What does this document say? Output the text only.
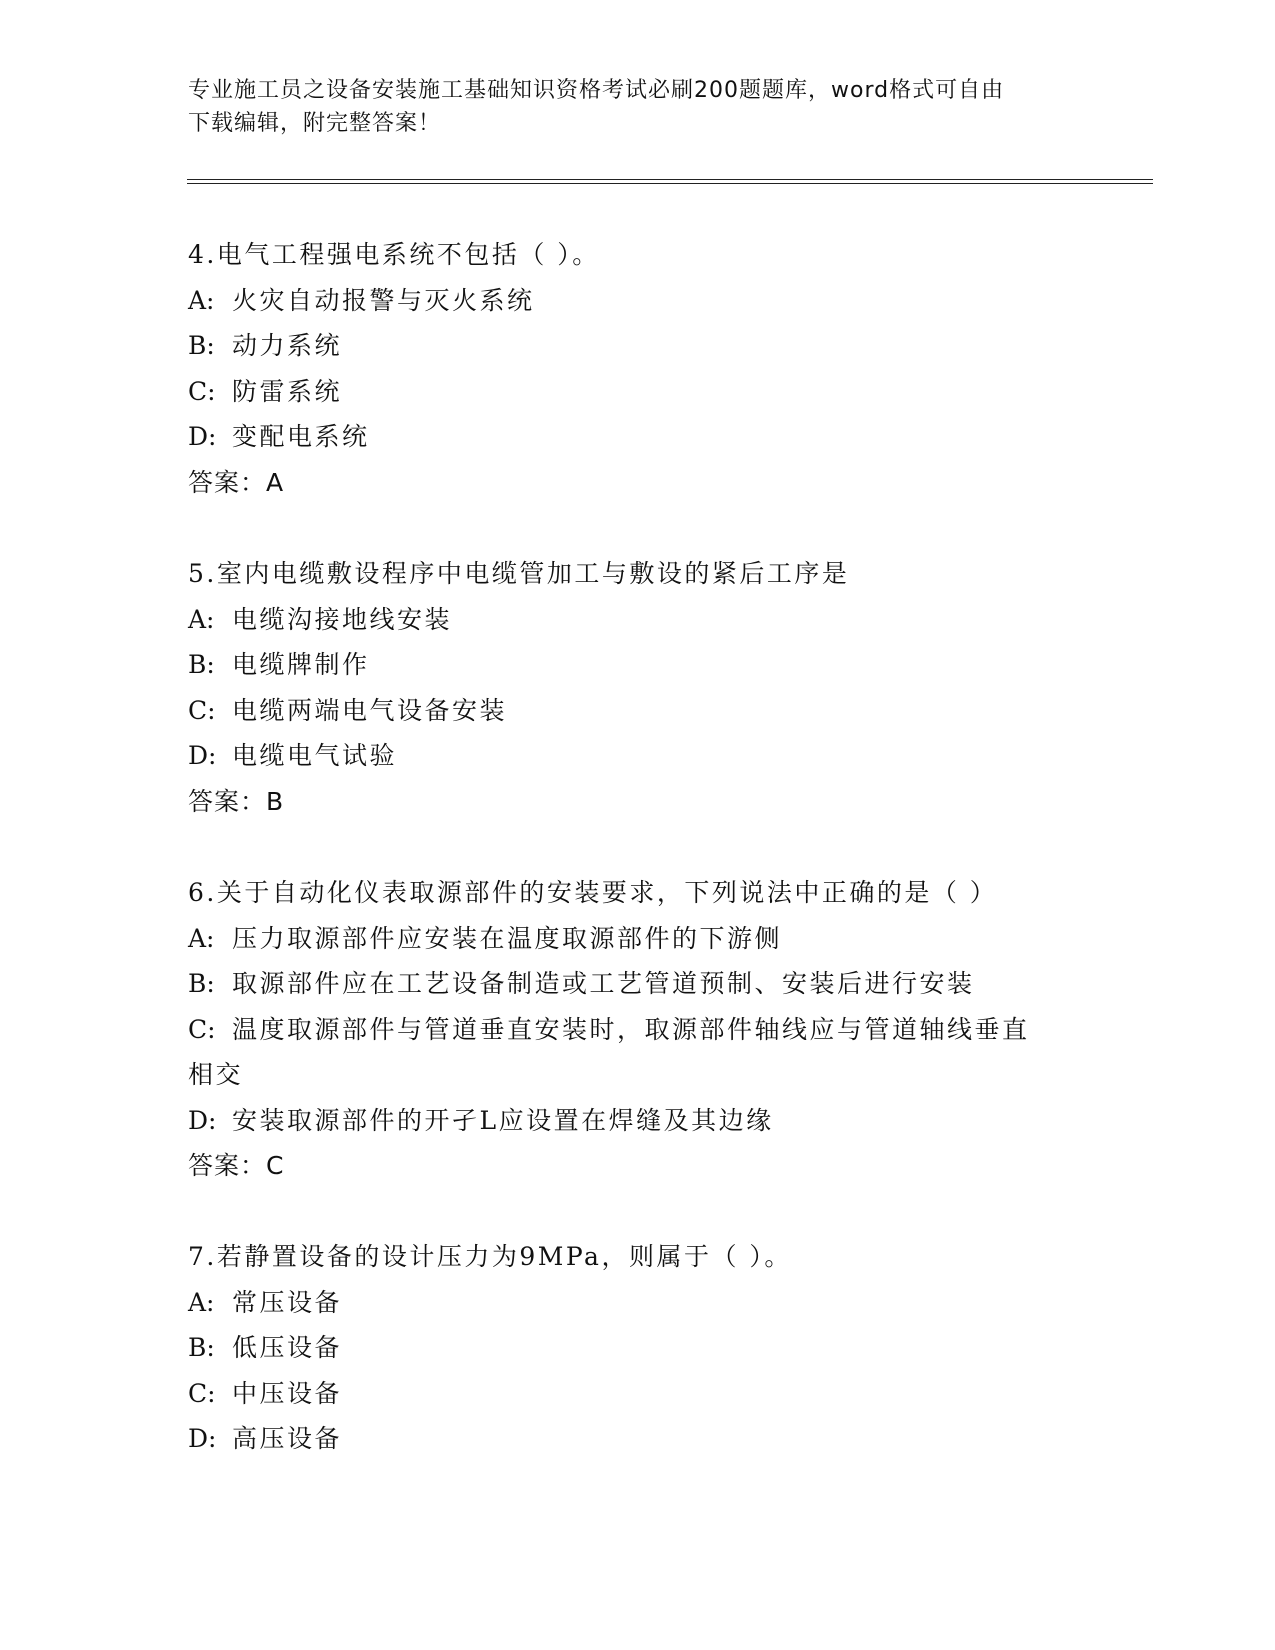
专业施工员之设备安装施工基础知识资格考试必刷200题题库，word格式可自由
下载编辑，附完整答案！
4.电气工程强电系统不包括（ ）。
A: 火灾自动报警与灭火系统
B: 动力系统
C: 防雷系统
D: 变配电系统
答案：A
5.室内电缆敷设程序中电缆管加工与敷设的紧后工序是
A: 电缆沟接地线安装
B: 电缆牌制作
C: 电缆两端电气设备安装
D: 电缆电气试验
答案：B
6.关于自动化仪表取源部件的安装要求，下列说法中正确的是（ ）
A: 压力取源部件应安装在温度取源部件的下游侧
B: 取源部件应在工艺设备制造或工艺管道预制、安装后进行安装
C: 温度取源部件与管道垂直安装时，取源部件轴线应与管道轴线垂直
相交
D: 安装取源部件的开孑L应设置在焊缝及其边缘
答案：C
7.若静置设备的设计压力为9MPa，则属于（ ）。
A: 常压设备
B: 低压设备
C: 中压设备
D: 高压设备
